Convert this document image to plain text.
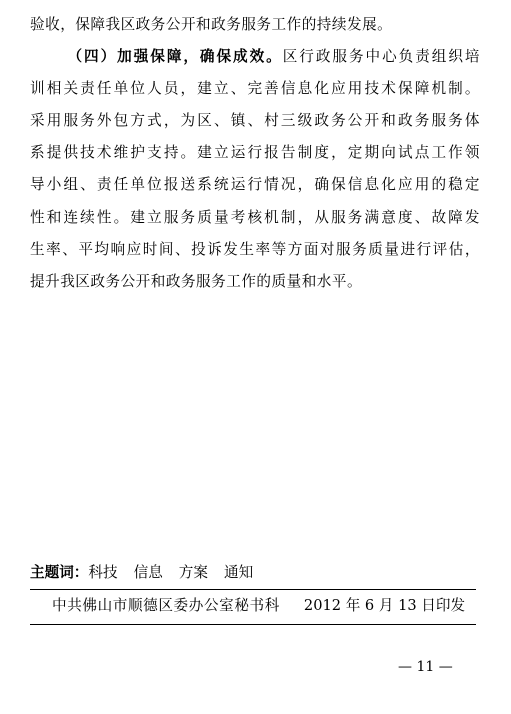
验收，保障我区政务公开和政务服务工作的持续发展。
（四）加强保障，确保成效。区行政服务中心负责组织培
训相关责任单位人员，建立、完善信息化应用技术保障机制。
采用服务外包方式，为区、镇、村三级政务公开和政务服务体
系提供技术维护支持。建立运行报告制度，定期向试点工作领
导小组、责任单位报送系统运行情况，确保信息化应用的稳定
性和连续性。建立服务质量考核机制，从服务满意度、故障发
生率、平均响应时间、投诉发生率等方面对服务质量进行评估，
提升我区政务公开和政务服务工作的质量和水平。
主题词：科技 信息 方案 通知
中共佛山市顺德区委办公室秘书科 2012 年 6 月 13 日印发
— 11 —
